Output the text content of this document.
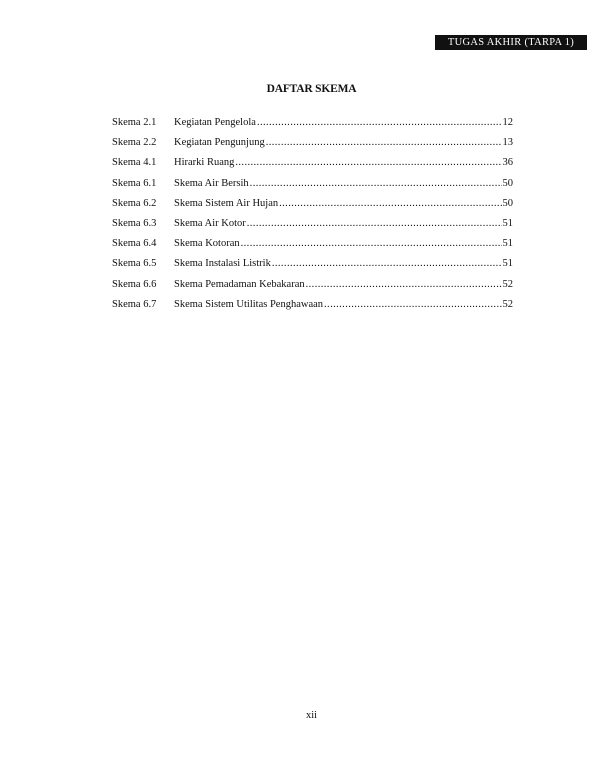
TUGAS AKHIR (TARPA 1)
DAFTAR SKEMA
Skema 2.1	Kegiatan Pengelola .....	12
Skema 2.2	Kegiatan Pengunjung .....	13
Skema 4.1	Hirarki Ruang .....	36
Skema 6.1	Skema Air Bersih .....	50
Skema 6.2	Skema Sistem Air Hujan .....	50
Skema 6.3	Skema Air Kotor .....	51
Skema 6.4	Skema Kotoran .....	51
Skema 6.5	Skema Instalasi Listrik .....	51
Skema 6.6	Skema Pemadaman Kebakaran .....	52
Skema 6.7	Skema Sistem Utilitas Penghawaan .....	52
xii
